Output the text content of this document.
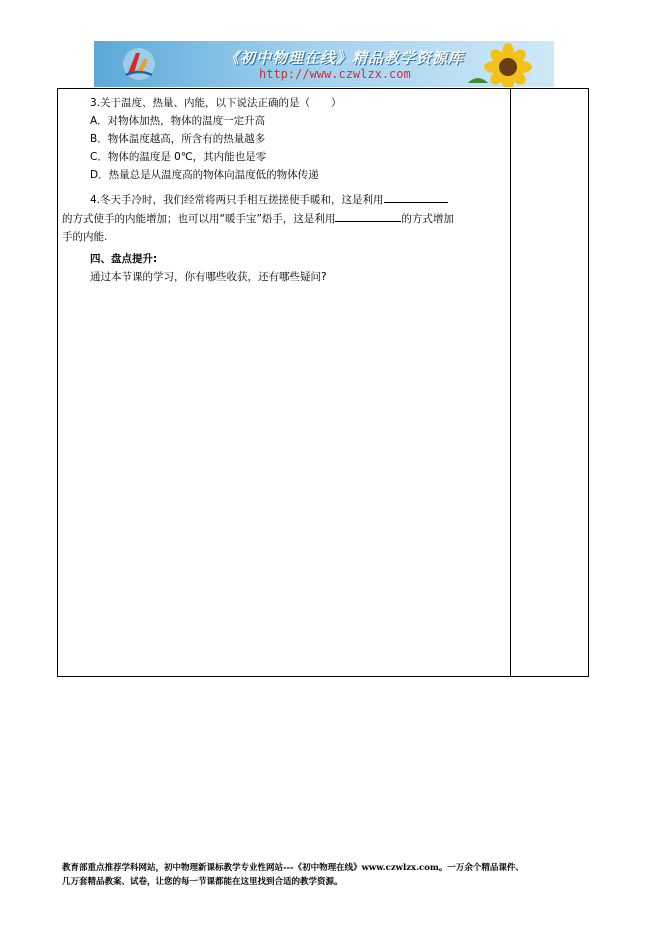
《初中物理在线》精品教学资源库
http://www.czwlzx.com

3.关于温度、热量、内能，以下说法正确的是（　　）

A．对物体加热，物体的温度一定升高

B．物体温度越高，所含有的热量越多

C．物体的温度是 0℃，其内能也是零

D．热量总是从温度高的物体向温度低的物体传递

4.冬天手冷时，我们经常将两只手相互搓搓使手暖和，这是利用

的方式使手的内能增加；也可以用“暖手宝”焐手，这是利用	的方式增加

手的内能.

四、盘点提升:

通过本节课的学习，你有哪些收获，还有哪些疑问?

教育部重点推荐学科网站，初中物理新课标教学专业性网站---《初中物理在线》www.czwlzx.com。一万余个精品课件、
几万套精品教案、试卷，让您的每一节课都能在这里找到合适的教学资源。
